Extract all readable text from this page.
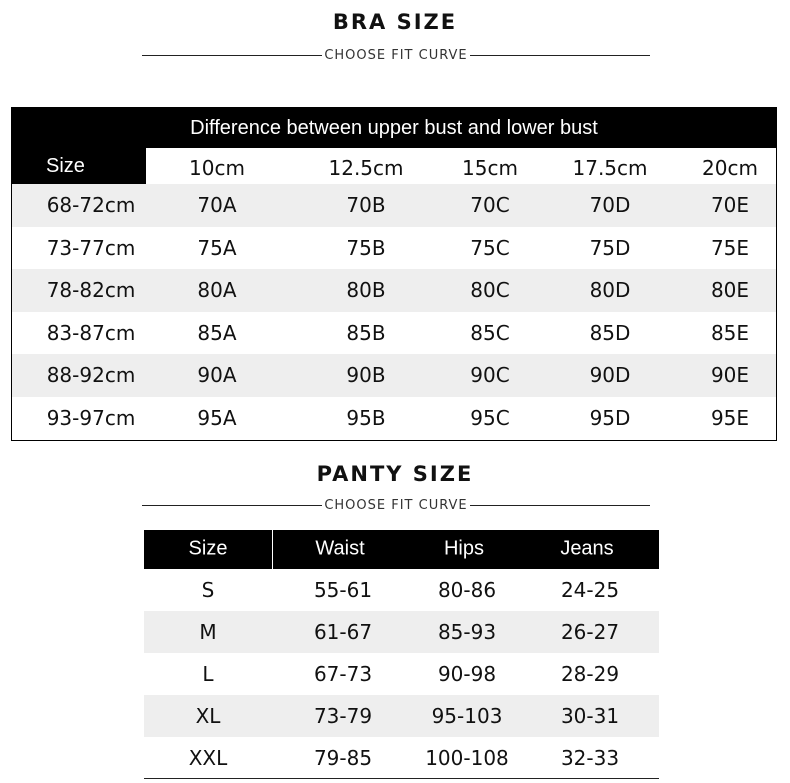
BRA SIZE
CHOOSE FIT CURVE
Difference between upper bust and lower bust
Size	10cm	12.5cm	15cm	17.5cm	20cm
68-72cm	70A	70B	70C	70D	70E
73-77cm	75A	75B	75C	75D	75E
78-82cm	80A	80B	80C	80D	80E
83-87cm	85A	85B	85C	85D	85E
88-92cm	90A	90B	90C	90D	90E
93-97cm	95A	95B	95C	95D	95E
PANTY SIZE
CHOOSE FIT CURVE
Size	Waist	Hips	Jeans
S	55-61	80-86	24-25
M	61-67	85-93	26-27
L	67-73	90-98	28-29
XL	73-79	95-103	30-31
XXL	79-85	100-108	32-33
